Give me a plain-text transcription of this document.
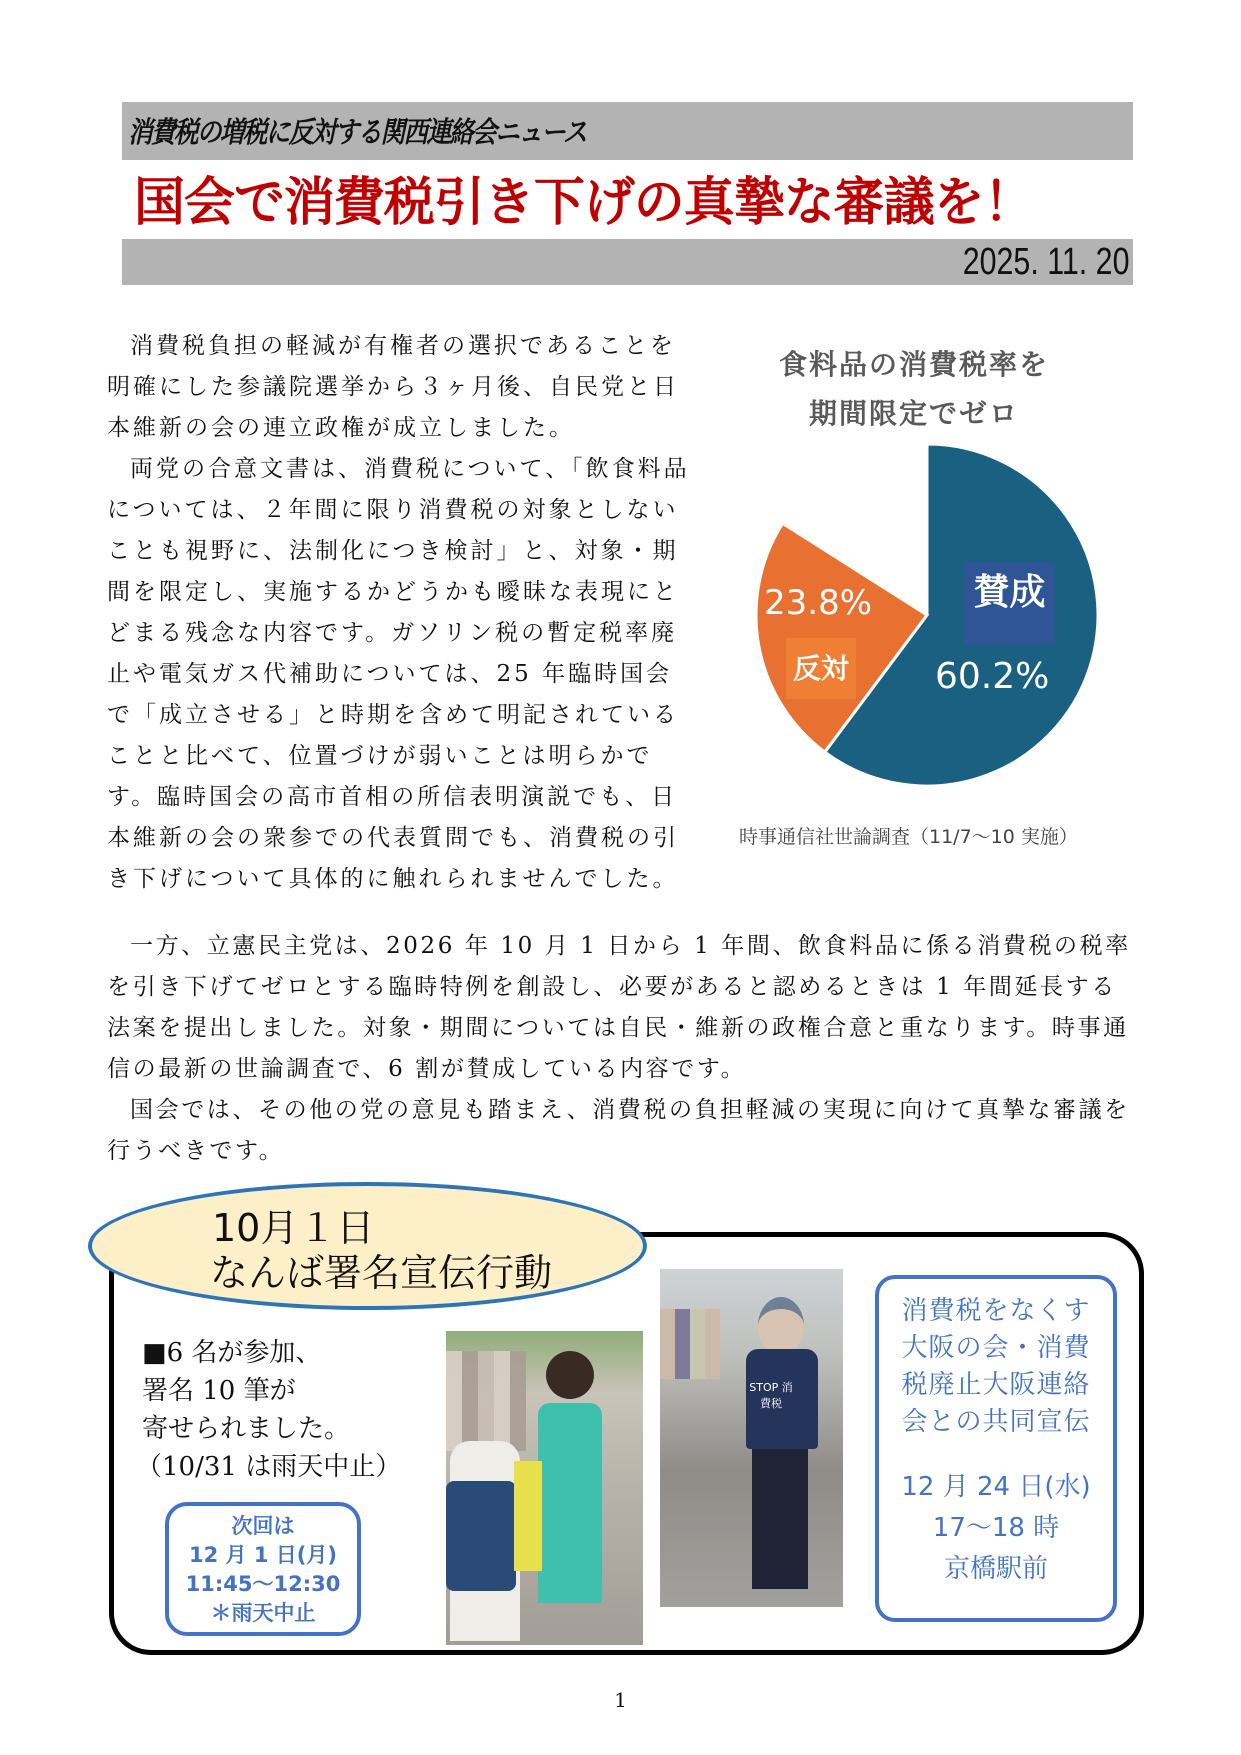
消費税の増税に反対する関西連絡会ニュース
国会で消費税引き下げの真摯な審議を！
2025. 11. 20

消費税負担の軽減が有権者の選択であることを明確にした参議院選挙から３ヶ月後、自民党と日本維新の会の連立政権が成立しました。

両党の合意文書は、消費税について、「飲食料品については、２年間に限り消費税の対象としないことも視野に、法制化につき検討」と、対象・期間を限定し、実施するかどうかも曖昧な表現にとどまる残念な内容です。ガソリン税の暫定税率廃止や電気ガス代補助については、25 年臨時国会で「成立させる」と時期を含めて明記されていることと比べて、位置づけが弱いことは明らかです。臨時国会の高市首相の所信表明演説でも、日本維新の会の衆参での代表質問でも、消費税の引き下げについて具体的に触れられませんでした。

食料品の消費税率を
期間限定でゼロ
賛成
60.2%
23.8%
反対
時事通信社世論調査（11/7〜10 実施）

一方、立憲民主党は、2026 年 10 月 1 日から 1 年間、飲食料品に係る消費税の税率を引き下げてゼロとする臨時特例を創設し、必要があると認めるときは 1 年間延長する法案を提出しました。対象・期間については自民・維新の政権合意と重なります。時事通信の最新の世論調査で、6 割が賛成している内容です。

国会では、その他の党の意見も踏まえ、消費税の負担軽減の実現に向けて真摯な審議を行うべきです。

10月１日
なんば署名宣伝行動
■6 名が参加、
署名 10 筆が
寄せられました。
（10/31 は雨天中止）
次回は
12 月 1 日(月)
11:45〜12:30
＊雨天中止
STOP 消費税
消費税をなくす
大阪の会・消費
税廃止大阪連絡
会との共同宣伝
12 月 24 日(水)
17〜18 時
京橋駅前
1
